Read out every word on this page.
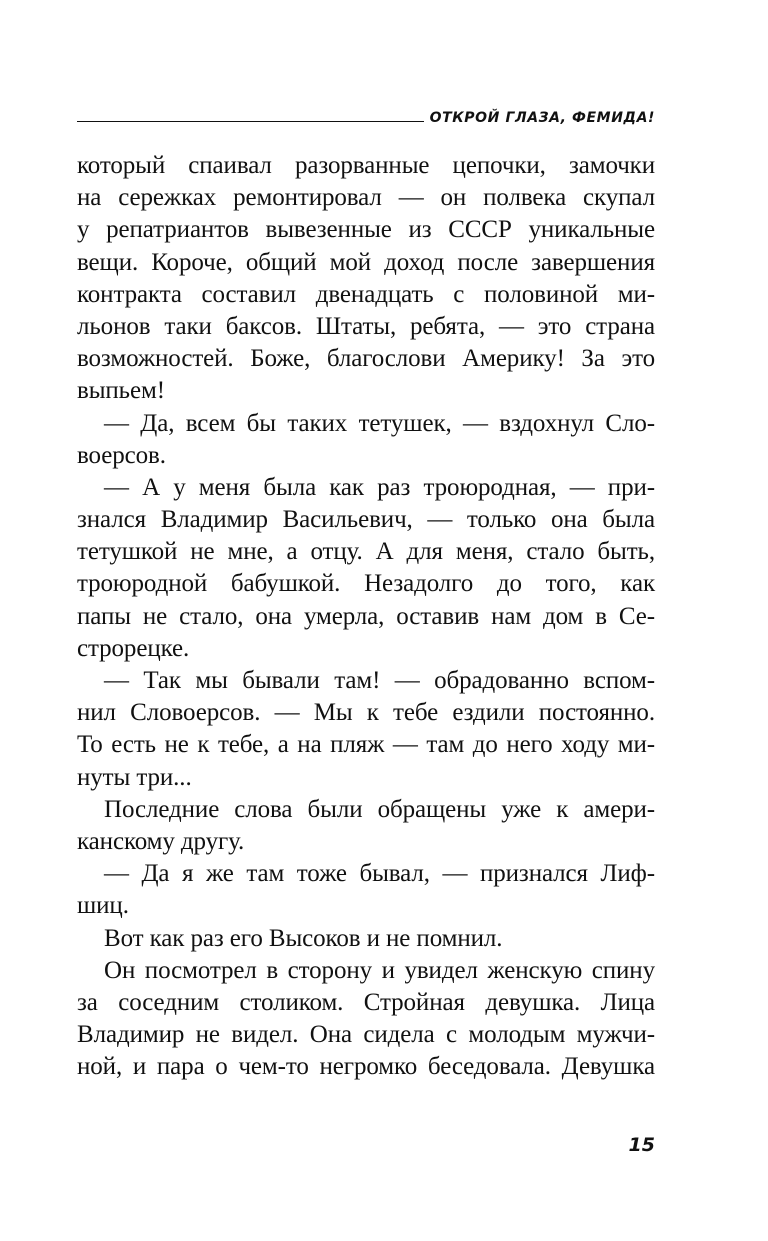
ОТКРОЙ ГЛАЗА, ФЕМИДА!
который спаивал разорванные цепочки, замочки
на сережках ремонтировал — он полвека скупал
у репатриантов вывезенные из СССР уникальные
вещи. Короче, общий мой доход после завершения
контракта составил двенадцать с половиной ми-
льонов таки баксов. Штаты, ребята, — это страна
возможностей. Боже, благослови Америку! За это
выпьем!
— Да, всем бы таких тетушек, — вздохнул Сло-
воерсов.
— А у меня была как раз троюродная, — при-
знался Владимир Васильевич, — только она была
тетушкой не мне, а отцу. А для меня, стало быть,
троюродной бабушкой. Незадолго до того, как
папы не стало, она умерла, оставив нам дом в Се-
строрецке.
— Так мы бывали там! — обрадованно вспом-
нил Словоерсов. — Мы к тебе ездили постоянно.
То есть не к тебе, а на пляж — там до него ходу ми-
нуты три...
Последние слова были обращены уже к амери-
канскому другу.
— Да я же там тоже бывал, — признался Лиф-
шиц.
Вот как раз его Высоков и не помнил.
Он посмотрел в сторону и увидел женскую спину
за соседним столиком. Стройная девушка. Лица
Владимир не видел. Она сидела с молодым мужчи-
ной, и пара о чем-то негромко беседовала. Девушка
15
